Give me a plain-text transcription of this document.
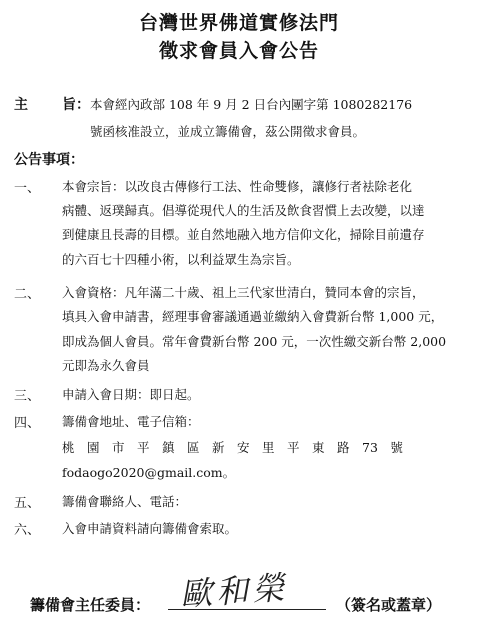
台灣世界佛道實修法門
徵求會員入會公告
主 旨： 本會經內政部 108 年 9 月 2 日台內團字第 1080282176
號函核准設立，並成立籌備會，茲公開徵求會員。
公告事項：
一、 本會宗旨：以改良古傳修行工法、性命雙修，讓修行者袪除老化
病體、返璞歸真。倡導從現代人的生活及飲食習慣上去改變，以達
到健康且長壽的目標。並自然地融入地方信仰文化，掃除目前遺存
的六百七十四種小術，以利益眾生為宗旨。
二、 入會資格：凡年滿二十歲、祖上三代家世清白，贊同本會的宗旨，
填具入會申請書，經理事會審議通過並繳納入會費新台幣 1,000 元，
即成為個人會員。常年會費新台幣 200 元，一次性繳交新台幣 2,000
元即為永久會員
三、 申請入會日期：即日起。
四、 籌備會地址、電子信箱：
桃　園　市　平　鎮　區　新　安　里　平　東　路　73　號
fodaogo2020@gmail.com。
五、 籌備會聯絡人、電話：
六、 入會申請資料請向籌備會索取。
籌備會主任委員： 歐和榮	（簽名或蓋章）
